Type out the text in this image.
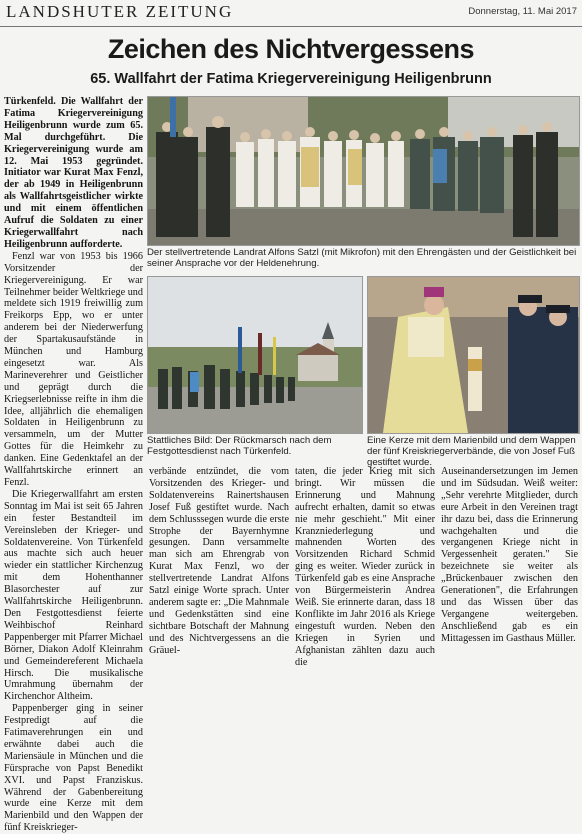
LANDSHUTER ZEITUNG	Donnerstag, 11. Mai 2017
Zeichen des Nichtvergessens
65. Wallfahrt der Fatima Kriegervereinigung Heiligenbrunn

Türkenfeld. Die Wallfahrt der Fatima Kriegervereinigung Heiligenbrunn wurde zum 65. Mal durchgeführt. Die Kriegervereinigung wurde am 12. Mai 1953 gegründet. Initiator war Kurat Max Fenzl, der ab 1949 in Heiligenbrunn als Wallfahrtsgeistlicher wirkte und mit einem öffentlichen Aufruf die Soldaten zu einer Kriegerwallfahrt nach Heiligenbrunn aufforderte.

Fenzl war von 1953 bis 1966 Vorsitzender der Kriegervereinigung. Er war Teilnehmer beider Weltkriege und meldete sich 1919 freiwillig zum Freikorps Epp, wo er unter anderem bei der Niederwerfung der Spartakusaufstände in München und Hamburg eingesetzt war. Als Marineverehrer und Geistlicher und geprägt durch die Kriegserlebnisse reifte in ihm die Idee, alljährlich die ehemaligen Soldaten in Heiligenbrunn zu versammeln, um der Mutter Gottes für die Heimkehr zu danken. Eine Gedenktafel an der Wallfahrtskirche erinnert an Fenzl.

Die Kriegerwallfahrt am ersten Sonntag im Mai ist seit 65 Jahren ein fester Bestandteil im Vereinsleben der Krieger- und Soldatenvereine. Von Türkenfeld aus machte sich auch heuer wieder ein stattlicher Kirchenzug mit dem Hohenthanner Blasorchester auf zur Wallfahrtskirche Heiligenbrunn. Den Festgottesdienst feierte Weihbischof Reinhard Pappenberger mit Pfarrer Michael Börner, Diakon Adolf Kleinrahm und Gemeindereferent Michaela Hirsch. Die musikalische Umrahmung übernahm der Kirchenchor Altheim.

Pappenberger ging in seiner Festpredigt auf die Fatimaverehrungen ein und erwähnte dabei auch die Mariensäule in München und die Fürsprache von Papst Benedikt XVI. und Papst Franziskus. Während der Gabenbereitung wurde eine Kerze mit dem Marienbild und den Wappen der fünf Kreiskrieger-

Der stellvertretende Landrat Alfons Satzl (mit Mikrofon) mit den Ehrengästen und der Geistlichkeit bei seiner Ansprache vor der Heldenehrung.
Stattliches Bild: Der Rückmarsch nach dem Festgottesdienst nach Türkenfeld.
Eine Kerze mit dem Marienbild und dem Wappen der fünf Kreiskriegerverbände, die von Josef Fuß gestiftet wurde.

verbände entzündet, die vom Vorsitzenden des Krieger- und Soldatenvereins Rainertshausen Josef Fuß gestiftet wurde. Nach dem Schlusssegen wurde die erste Strophe der Bayernhymne gesungen. Dann versammelte man sich am Ehrengrab von Kurat Max Fenzl, wo der stellvertretende Landrat Alfons Satzl einige Worte sprach. Unter anderem sagte er: „Die Mahnmale und Gedenkstätten sind eine sichtbare Botschaft der Mahnung und des Nichtvergessens an die Gräuel-

taten, die jeder Krieg mit sich bringt. Wir müssen die Erinnerung und Mahnung aufrecht erhalten, damit so etwas nie mehr geschieht." Mit einer Kranzniederlegung und mahnenden Worten des Vorsitzenden Richard Schmid ging es weiter. Wieder zurück in Türkenfeld gab es eine Ansprache von Bürgermeisterin Andrea Weiß. Sie erinnerte daran, dass 18 Konflikte im Jahr 2016 als Kriege eingestuft wurden. Neben den Kriegen in Syrien und Afghanistan zählten dazu auch die

Auseinandersetzungen im Jemen und im Südsudan. Weiß weiter: „Sehr verehrte Mitglieder, durch eure Arbeit in den Vereinen tragt ihr dazu bei, dass die Erinnerung wachgehalten und die vergangenen Kriege nicht in Vergessenheit geraten." Sie bezeichnete sie weiter als „Brückenbauer zwischen den Generationen", die Erfahrungen und das Wissen über das Vergangene weitergeben. Anschließend gab es ein Mittagessen im Gasthaus Müller.
